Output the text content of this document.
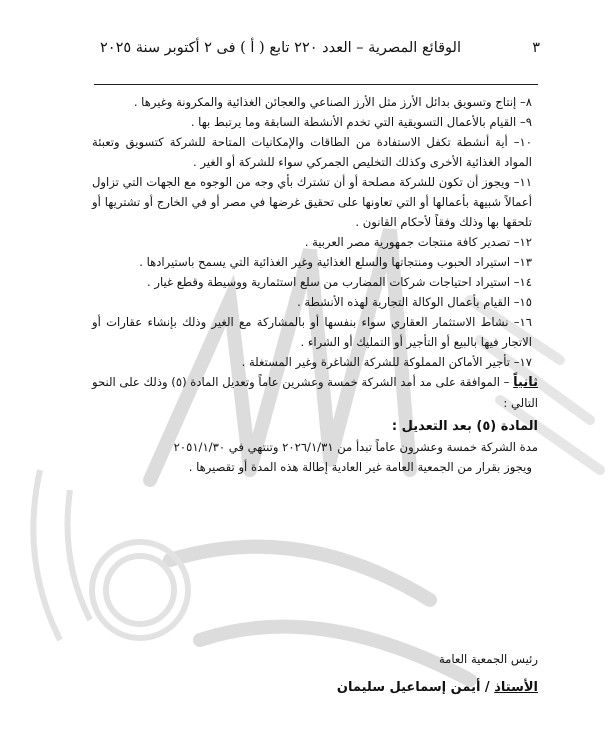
الوقائع المصرية – العدد ٢٢٠ تابع ( أ ) فى ٢ أكتوبر سنة ٢٠٢٥	٣

٨– إنتاج وتسويق بدائل الأرز مثل الأرز الصناعي والعجائن الغذائية والمكرونة وغيرها .

٩– القيام بالأعمال التسويقية التي تخدم الأنشطة السابقة وما يرتبط بها .

١٠– أية أنشطة تكفل الاستفادة من الطاقات والإمكانيات المتاحة للشركة كتسويق وتعبئة المواد الغذائية الأخرى وكذلك التخليص الجمركي سواء للشركة أو الغير .

١١– ويجوز أن تكون للشركة مصلحة أو أن تشترك بأي وجه من الوجوه مع الجهات التي تزاول أعمالاً شبيهة بأعمالها أو التي تعاونها على تحقيق غرضها في مصر أو في الخارج أو تشتريها أو تلحقها بها وذلك وفقاً لأحكام القانون .

١٢– تصدير كافة منتجات جمهورية مصر العربية .

١٣– استيراد الحبوب ومنتجاتها والسلع الغذائية وغير الغذائية التي يسمح باستيرادها .

١٤– استيراد احتياجات شركات المضارب من سلع استثمارية ووسيطة وقطع غيار .

١٥– القيام بأعمال الوكالة التجارية لهذه الأنشطة .

١٦– نشاط الاستثمار العقاري سواء بنفسها أو بالمشاركة مع الغير وذلك بإنشاء عقارات أو الاتجار فيها بالبيع أو التأجير أو التمليك أو الشراء .

١٧– تأجير الأماكن المملوكة للشركة الشاغرة وغير المستغلة .

ثانياً – الموافقة على مد أمد الشركة خمسة وعشرين عاماً وتعديل المادة (٥) وذلك على النحو التالي :

المادة (٥) بعد التعديل :

مدة الشركة خمسة وعشرون عاماً تبدأ من ٢٠٢٦/١/٣١ وتنتهي في ٢٠٥١/١/٣٠

ويجوز بقرار من الجمعية العامة غير العادية إطالة هذه المدة أو تقصيرها .

رئيس الجمعية العامة
الأستاذ / أيمن إسماعيل سليمان
